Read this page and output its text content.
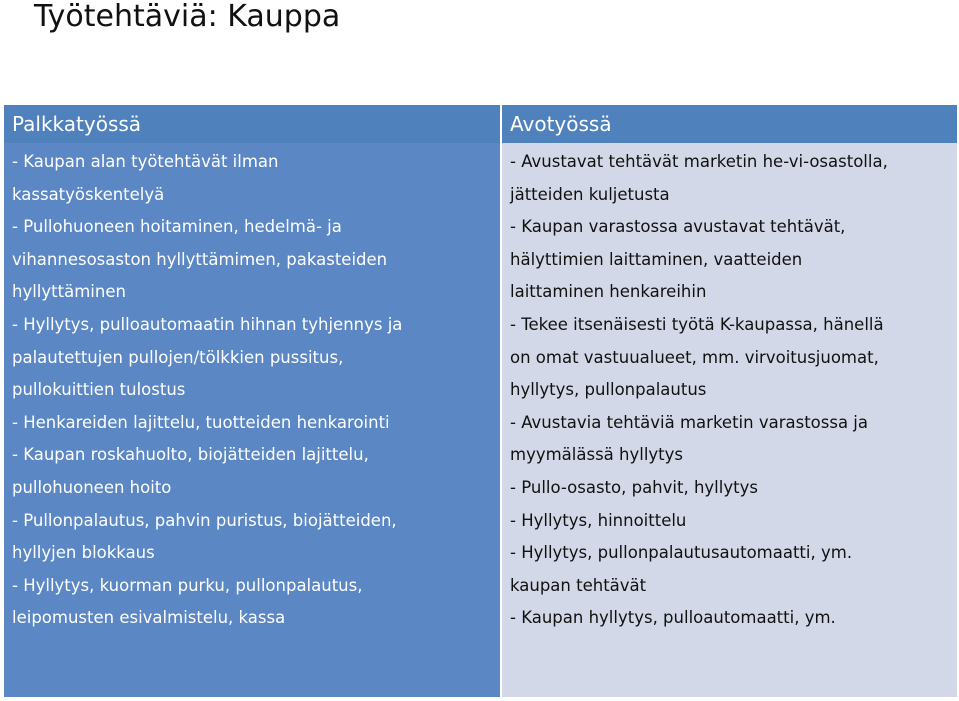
Työtehtäviä: Kauppa
Palkkatyössä
- Kaupan alan työtehtävät ilman
kassatyöskentelyä
- Pullohuoneen hoitaminen, hedelmä- ja
vihannesosaston hyllyttämimen, pakasteiden
hyllyttäminen
- Hyllytys, pulloautomaatin hihnan tyhjennys ja
palautettujen pullojen/tölkkien pussitus,
pullokuittien tulostus
- Henkareiden lajittelu, tuotteiden henkarointi
- Kaupan roskahuolto, biojätteiden lajittelu,
pullohuoneen hoito
- Pullonpalautus, pahvin puristus, biojätteiden,
hyllyjen blokkaus
- Hyllytys, kuorman purku, pullonpalautus,
leipomusten esivalmistelu, kassa
Avotyössä
- Avustavat tehtävät marketin he-vi-osastolla,
jätteiden kuljetusta
- Kaupan varastossa avustavat tehtävät,
hälyttimien laittaminen, vaatteiden
laittaminen henkareihin
- Tekee itsenäisesti työtä K-kaupassa, hänellä
on omat vastuualueet, mm. virvoitusjuomat,
hyllytys, pullonpalautus
- Avustavia tehtäviä marketin varastossa ja
myymälässä hyllytys
- Pullo-osasto, pahvit, hyllytys
- Hyllytys, hinnoittelu
- Hyllytys, pullonpalautusautomaatti, ym.
kaupan tehtävät
- Kaupan hyllytys, pulloautomaatti, ym.
